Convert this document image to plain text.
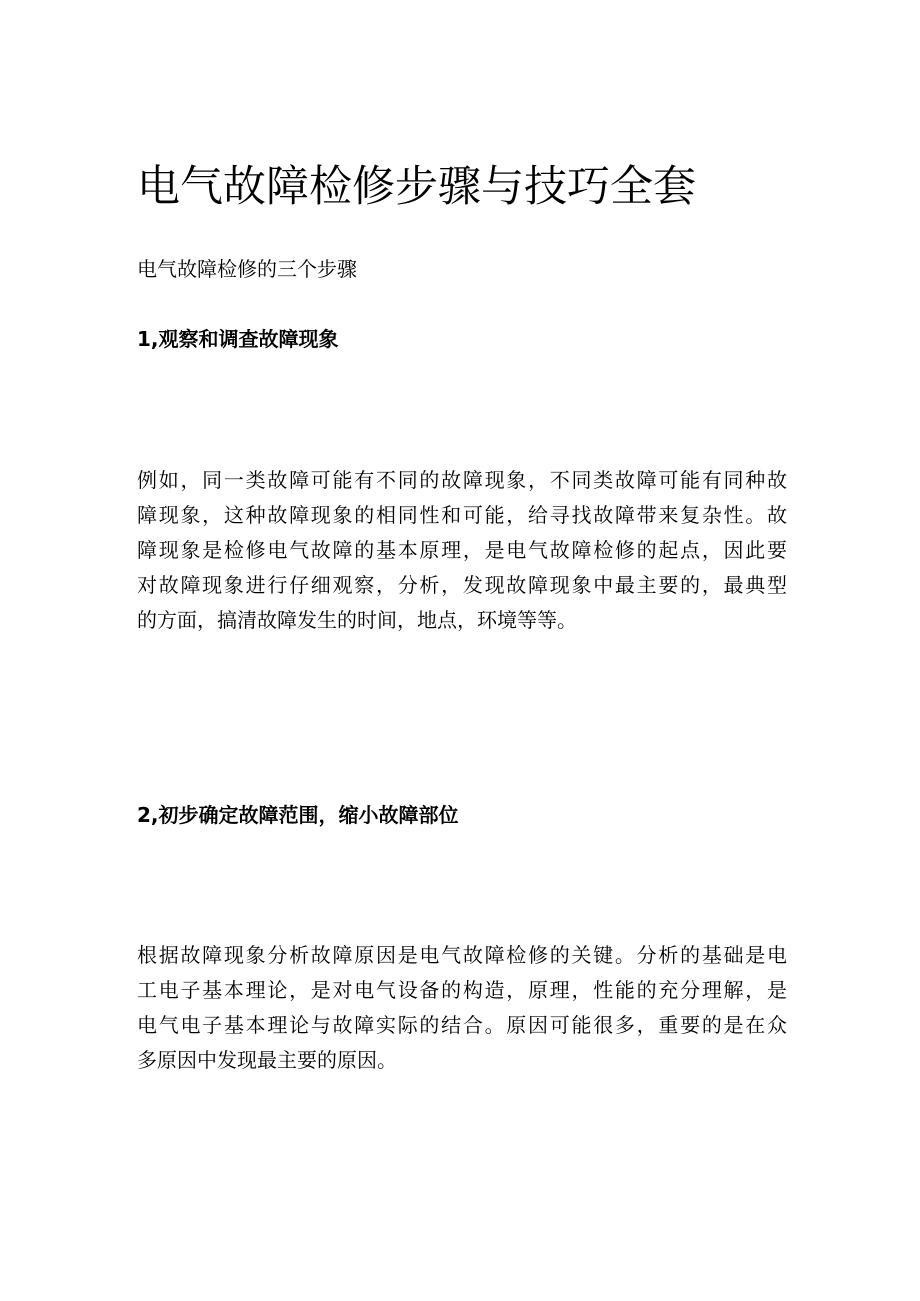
电气故障检修步骤与技巧全套

电气故障检修的三个步骤

1,观察和调查故障现象
例如，同一类故障可能有不同的故障现象，不同类故障可能有同种故
障现象，这种故障现象的相同性和可能，给寻找故障带来复杂性。故
障现象是检修电气故障的基本原理，是电气故障检修的起点，因此要
对故障现象进行仔细观察，分析，发现故障现象中最主要的，最典型
的方面，搞清故障发生的时间，地点，环境等等。
2,初步确定故障范围，缩小故障部位
根据故障现象分析故障原因是电气故障检修的关键。分析的基础是电
工电子基本理论，是对电气设备的构造，原理，性能的充分理解，是
电气电子基本理论与故障实际的结合。原因可能很多，重要的是在众
多原因中发现最主要的原因。
